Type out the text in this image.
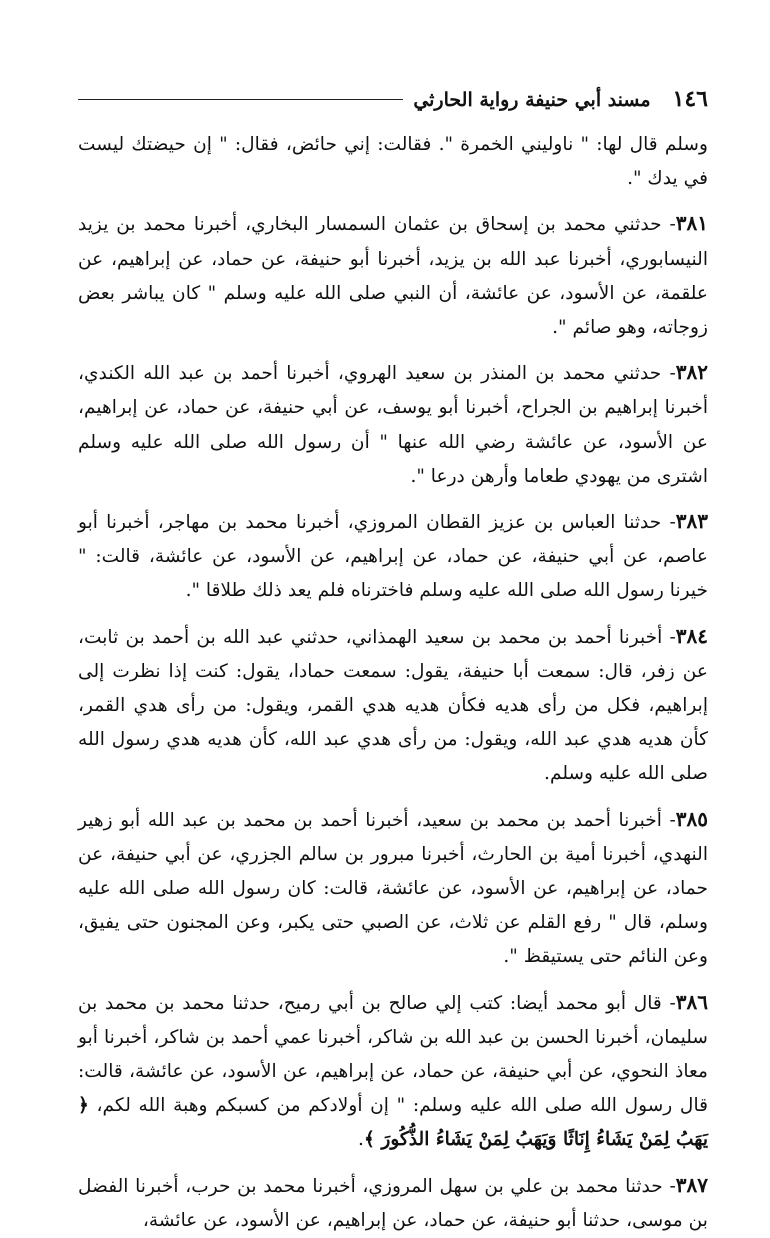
١٤٦
مسند أبي حنيفة رواية الحارثي

وسلم قال لها: " ناوليني الخمرة ". فقالت: إني حائض، فقال: " إن حيضتك ليست في يدك ".

٣٨١- حدثني محمد بن إسحاق بن عثمان السمسار البخاري، أخبرنا محمد بن يزيد النيسابوري، أخبرنا عبد الله بن يزيد، أخبرنا أبو حنيفة، عن حماد، عن إبراهيم، عن علقمة، عن الأسود، عن عائشة، أن النبي صلى الله عليه وسلم " كان يباشر بعض زوجاته، وهو صائم ".

٣٨٢- حدثني محمد بن المنذر بن سعيد الهروي، أخبرنا أحمد بن عبد الله الكندي، أخبرنا إبراهيم بن الجراح، أخبرنا أبو يوسف، عن أبي حنيفة، عن حماد، عن إبراهيم، عن الأسود، عن عائشة رضي الله عنها " أن رسول الله صلى الله عليه وسلم اشترى من يهودي طعاما وأرهن درعا ".

٣٨٣- حدثنا العباس بن عزيز القطان المروزي، أخبرنا محمد بن مهاجر، أخبرنا أبو عاصم، عن أبي حنيفة، عن حماد، عن إبراهيم، عن الأسود، عن عائشة، قالت: " خيرنا رسول الله صلى الله عليه وسلم فاخترناه فلم يعد ذلك طلاقا ".

٣٨٤- أخبرنا أحمد بن محمد بن سعيد الهمذاني، حدثني عبد الله بن أحمد بن ثابت، عن زفر، قال: سمعت أبا حنيفة، يقول: سمعت حمادا، يقول: كنت إذا نظرت إلى إبراهيم، فكل من رأى هديه فكأن هديه هدي القمر، ويقول: من رأى هدي القمر، كأن هديه هدي عبد الله، ويقول: من رأى هدي عبد الله، كأن هديه هدي رسول الله صلى الله عليه وسلم.

٣٨٥- أخبرنا أحمد بن محمد بن سعيد، أخبرنا أحمد بن محمد بن عبد الله أبو زهير النهدي، أخبرنا أمية بن الحارث، أخبرنا مبرور بن سالم الجزري، عن أبي حنيفة، عن حماد، عن إبراهيم، عن الأسود، عن عائشة، قالت: كان رسول الله صلى الله عليه وسلم، قال " رفع القلم عن ثلاث، عن الصبي حتى يكبر، وعن المجنون حتى يفيق، وعن النائم حتى يستيقظ ".

٣٨٦- قال أبو محمد أيضا: كتب إلي صالح بن أبي رميح، حدثنا محمد بن محمد بن سليمان، أخبرنا الحسن بن عبد الله بن شاكر، أخبرنا عمي أحمد بن شاكر، أخبرنا أبو معاذ النحوي، عن أبي حنيفة، عن حماد، عن إبراهيم، عن الأسود، عن عائشة، قالت: قال رسول الله صلى الله عليه وسلم: " إن أولادكم من كسبكم وهبة الله لكم، ﴿ يَهَبُ لِمَنْ يَشَاءُ إِنَاثًا وَيَهَبُ لِمَنْ يَشَاءُ الذُّكُورَ ﴾.

٣٨٧- حدثنا محمد بن علي بن سهل المروزي، أخبرنا محمد بن حرب، أخبرنا الفضل بن موسى، حدثنا أبو حنيفة، عن حماد، عن إبراهيم، عن الأسود، عن عائشة،
